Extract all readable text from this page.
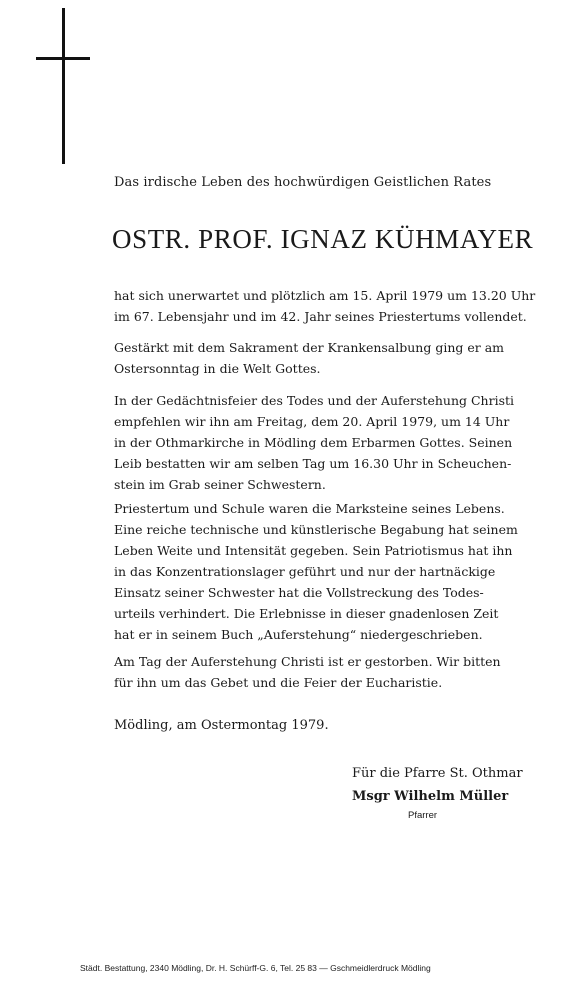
Das irdische Leben des hochwürdigen Geistlichen Rates
OSTR. PROF. IGNAZ KÜHMAYER
hat sich unerwartet und plötzlich am 15. April 1979 um 13.20 Uhr
im 67. Lebensjahr und im 42. Jahr seines Priestertums vollendet.
Gestärkt mit dem Sakrament der Krankensalbung ging er am
Ostersonntag in die Welt Gottes.
In der Gedächtnisfeier des Todes und der Auferstehung Christi
empfehlen wir ihn am Freitag, dem 20. April 1979, um 14 Uhr
in der Othmarkirche in Mödling dem Erbarmen Gottes. Seinen
Leib bestatten wir am selben Tag um 16.30 Uhr in Scheuchen-
stein im Grab seiner Schwestern.
Priestertum und Schule waren die Marksteine seines Lebens.
Eine reiche technische und künstlerische Begabung hat seinem
Leben Weite und Intensität gegeben. Sein Patriotismus hat ihn
in das Konzentrationslager geführt und nur der hartnäckige
Einsatz seiner Schwester hat die Vollstreckung des Todes-
urteils verhindert. Die Erlebnisse in dieser gnadenlosen Zeit
hat er in seinem Buch „Auferstehung“ niedergeschrieben.
Am Tag der Auferstehung Christi ist er gestorben. Wir bitten
für ihn um das Gebet und die Feier der Eucharistie.
Mödling, am Ostermontag 1979.
Für die Pfarre St. Othmar
Msgr Wilhelm Müller
Pfarrer
Städt. Bestattung, 2340 Mödling, Dr. H. Schürff-G. 6, Tel. 25 83 — Gschmeidlerdruck Mödling
